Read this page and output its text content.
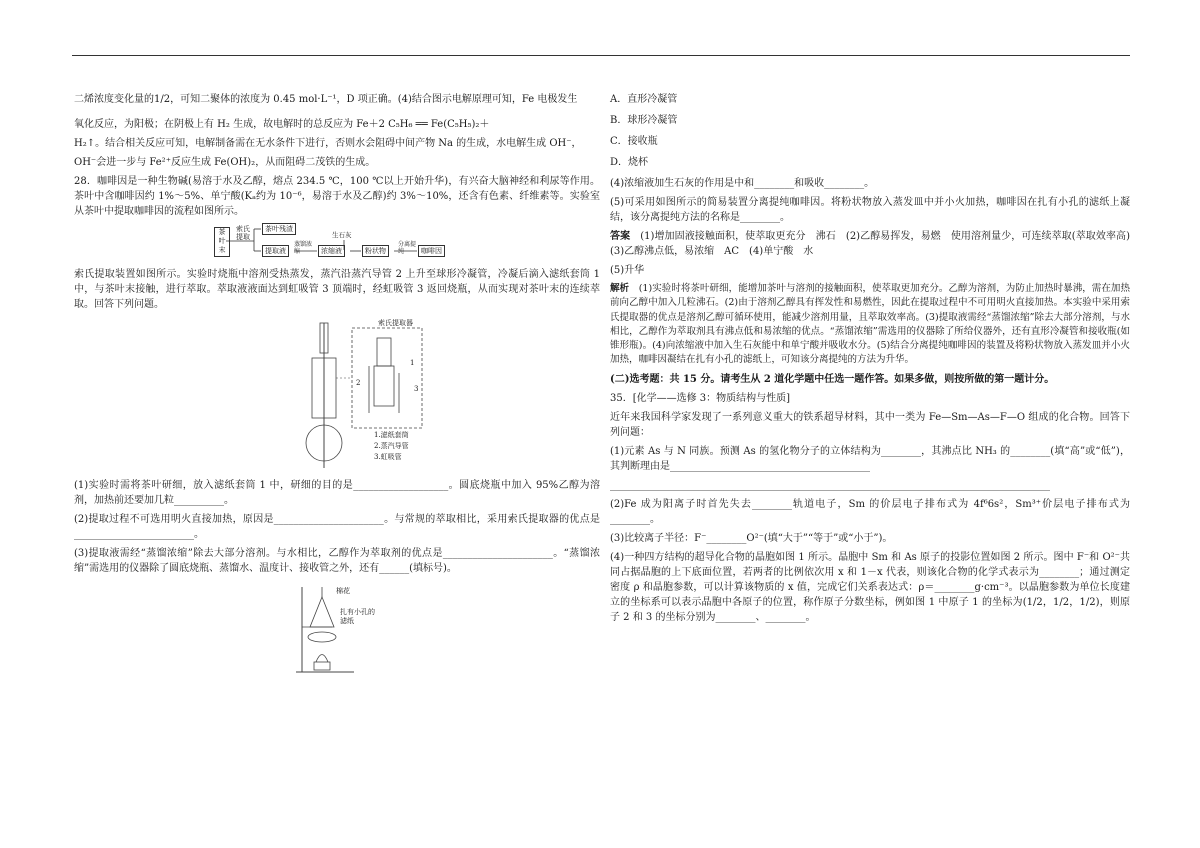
二烯浓度变化量的1/2，可知二聚体的浓度为 0.45 mol·L⁻¹，D 项正确。(4)结合图示电解原理可知，Fe 电极发生

氧化反应，为阳极；在阴极上有 H₂ 生成，故电解时的总反应为 Fe＋2 C₅H₆ ══ Fe(C₅H₅)₂＋

H₂↑。结合相关反应可知，电解制备需在无水条件下进行，否则水会阻碍中间产物 Na 的生成，水电解生成 OH⁻，

OH⁻会进一步与 Fe²⁺反应生成 Fe(OH)₂，从而阻碍二茂铁的生成。

28．咖啡因是一种生物碱(易溶于水及乙醇，熔点 234.5 ℃，100 ℃以上开始升华)，有兴奋大脑神经和利尿等作用。茶叶中含咖啡因约 1%～5%、单宁酸(Kₐ约为 10⁻⁶，易溶于水及乙醇)约 3%～10%，还含有色素、纤维素等。实验室从茶叶中提取咖啡因的流程如图所示。

茶叶末
索氏提取
茶叶残渣
提取液
蒸馏浓缩	浓缩液
生石灰
粉状物
分离提纯	咖啡因

索氏提取装置如图所示。实验时烧瓶中溶剂受热蒸发，蒸汽沿蒸汽导管 2 上升至球形冷凝管，冷凝后滴入滤纸套筒 1 中，与茶叶末接触，进行萃取。萃取液液面达到虹吸管 3 顶端时，经虹吸管 3 返回烧瓶，从而实现对茶叶末的连续萃取。回答下列问题。

索氏提取器
1
2
3
1.滤纸套筒
2.蒸汽导管
3.虹吸管

(1)实验时需将茶叶研细，放入滤纸套筒 1 中，研细的目的是___________________。圆底烧瓶中加入 95%乙醇为溶剂，加热前还要加几粒__________。

(2)提取过程不可选用明火直接加热，原因是______________________。与常规的萃取相比，采用索氏提取器的优点是________________________。

(3)提取液需经“蒸馏浓缩”除去大部分溶剂。与水相比，乙醇作为萃取剂的优点是______________________。“蒸馏浓缩”需选用的仪器除了圆底烧瓶、蒸馏水、温度计、接收管之外，还有______(填标号)。

棉花
扎有小孔的滤纸

A．直形冷凝管

B．球形冷凝管

C．接收瓶

D．烧杯

(4)浓缩液加生石灰的作用是中和________和吸收________。

(5)可采用如图所示的简易装置分离提纯咖啡因。将粉状物放入蒸发皿中并小火加热，咖啡因在扎有小孔的滤纸上凝结，该分离提纯方法的名称是________。

答案　 (1)增加固液接触面积，使萃取更充分　沸石　(2)乙醇易挥发，易燃　使用溶剂量少，可连续萃取(萃取效率高)　(3)乙醇沸点低，易浓缩　AC　(4)单宁酸　水

(5)升华

解析　 (1)实验时将茶叶研细，能增加茶叶与溶剂的接触面积，使萃取更加充分。乙醇为溶剂，为防止加热时暴沸，需在加热前向乙醇中加入几粒沸石。(2)由于溶剂乙醇具有挥发性和易燃性，因此在提取过程中不可用明火直接加热。本实验中采用索氏提取器的优点是溶剂乙醇可循环使用，能减少溶剂用量，且萃取效率高。(3)提取液需经“蒸馏浓缩”除去大部分溶剂，与水相比，乙醇作为萃取剂具有沸点低和易浓缩的优点。“蒸馏浓缩”需选用的仪器除了所给仪器外，还有直形冷凝管和接收瓶(如锥形瓶)。(4)向浓缩液中加入生石灰能中和单宁酸并吸收水分。(5)结合分离提纯咖啡因的装置及将粉状物放入蒸发皿并小火加热，咖啡因凝结在扎有小孔的滤纸上，可知该分离提纯的方法为升华。

(二)选考题：共 15 分。请考生从 2 道化学题中任选一题作答。如果多做，则按所做的第一题计分。

35．[化学——选修 3：物质结构与性质]

近年来我国科学家发现了一系列意义重大的铁系超导材料，其中一类为 Fe—Sm—As—F—O 组成的化合物。回答下列问题：

(1)元素 As 与 N 同族。预测 As 的氢化物分子的立体结构为________，其沸点比 NH₃ 的________(填“高”或“低”)，其判断理由是________________________________________

________________________________________________________________________________________

(2)Fe 成为阳离子时首先失去________轨道电子，Sm 的价层电子排布式为 4f⁶6s²，Sm³⁺价层电子排布式为________。

(3)比较离子半径：F⁻________O²⁻(填“大于”“等于”或“小于”)。

(4)一种四方结构的超导化合物的晶胞如图 1 所示。晶胞中 Sm 和 As 原子的投影位置如图 2 所示。图中 F⁻和 O²⁻共同占据晶胞的上下底面位置，若两者的比例依次用 x 和 1－x 代表，则该化合物的化学式表示为________；通过测定密度 ρ 和晶胞参数，可以计算该物质的 x 值，完成它们关系表达式：ρ＝________g·cm⁻³。以晶胞参数为单位长度建立的坐标系可以表示晶胞中各原子的位置，称作原子分数坐标，例如图 1 中原子 1 的坐标为(1/2，1/2，1/2)，则原子 2 和 3 的坐标分别为________、________。
